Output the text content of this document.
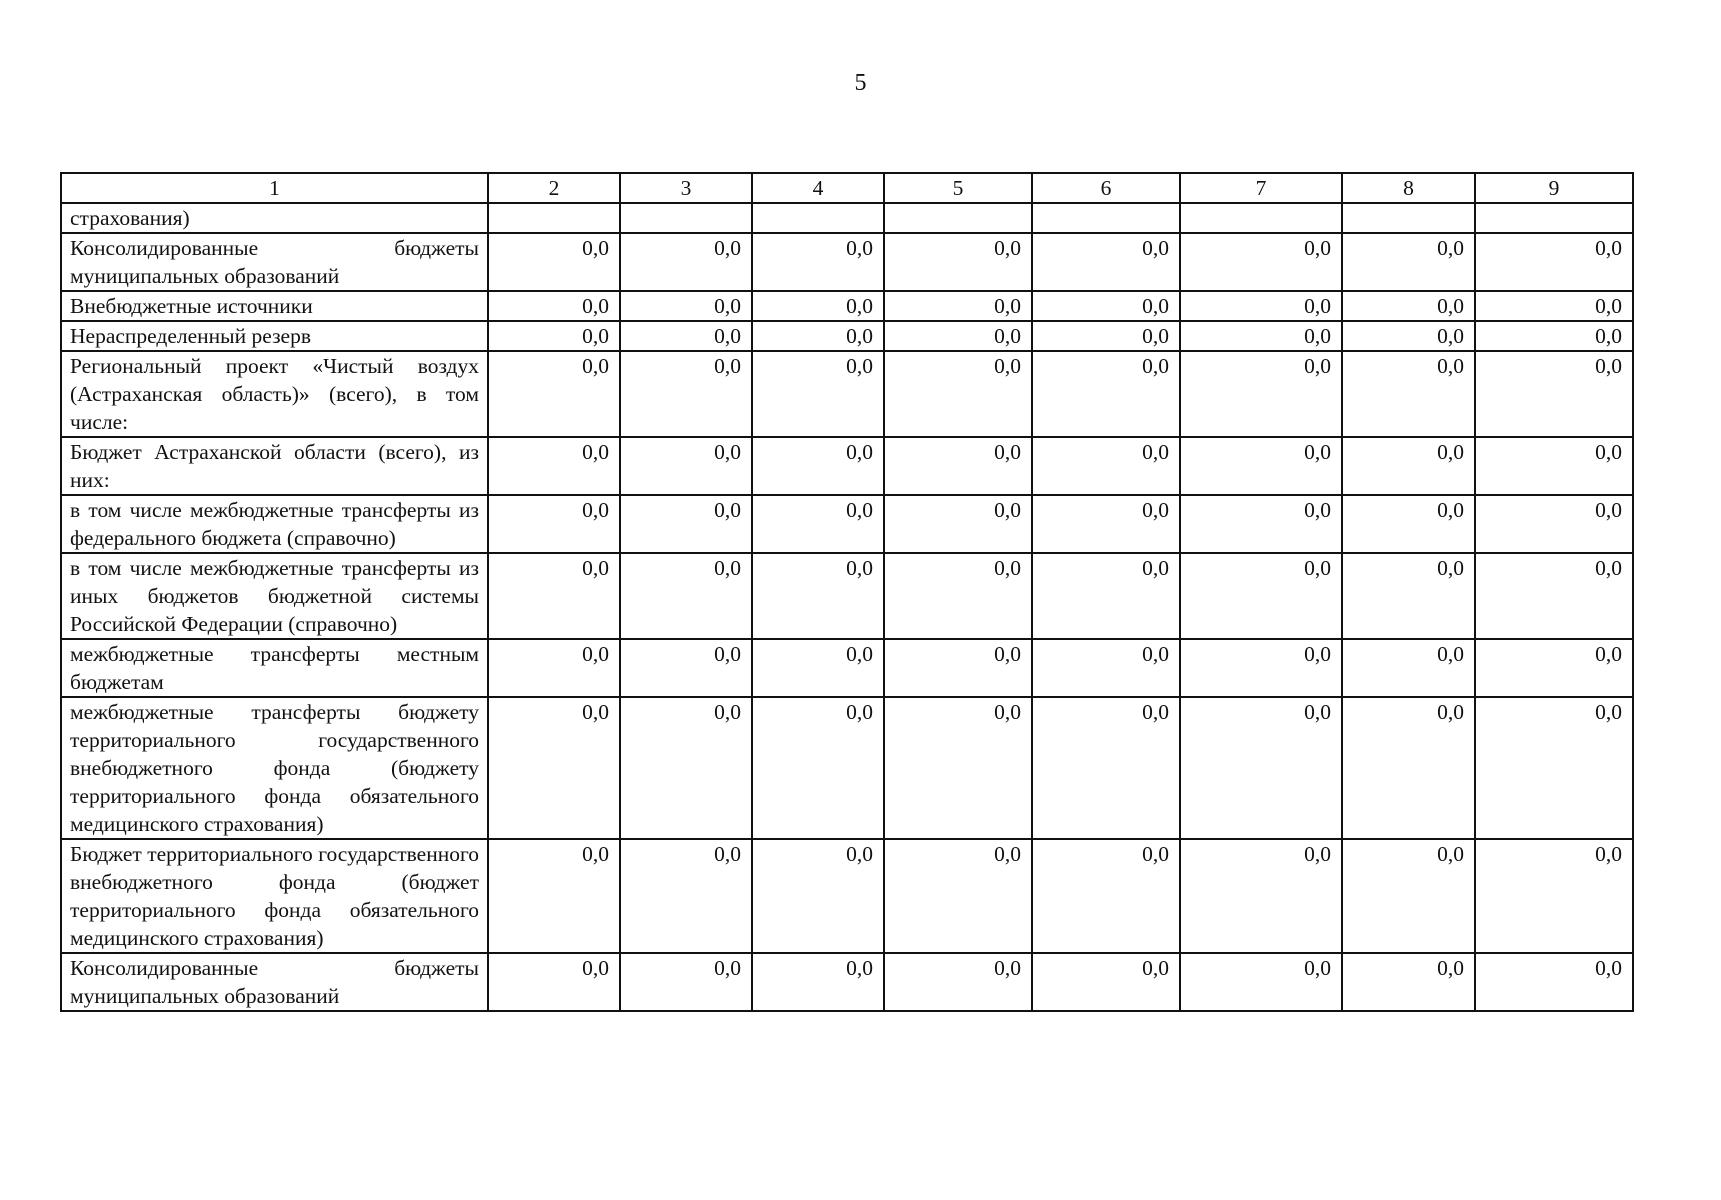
5
1	2	3	4	5	6	7	8	9
страхования)								
Консолидированные бюджеты муниципальных образований	0,0	0,0	0,0	0,0	0,0	0,0	0,0	0,0
Внебюджетные источники	0,0	0,0	0,0	0,0	0,0	0,0	0,0	0,0
Нераспределенный резерв	0,0	0,0	0,0	0,0	0,0	0,0	0,0	0,0
Региональный проект «Чистый воздух (Астраханская область)» (всего), в том числе:	0,0	0,0	0,0	0,0	0,0	0,0	0,0	0,0
Бюджет Астраханской области (всего), из них:	0,0	0,0	0,0	0,0	0,0	0,0	0,0	0,0
в том числе межбюджетные трансферты из федерального бюджета (справочно)	0,0	0,0	0,0	0,0	0,0	0,0	0,0	0,0
в том числе межбюджетные трансферты из иных бюджетов бюджетной системы Российской Федерации (справочно)	0,0	0,0	0,0	0,0	0,0	0,0	0,0	0,0
межбюджетные трансферты местным бюджетам	0,0	0,0	0,0	0,0	0,0	0,0	0,0	0,0
межбюджетные трансферты бюджету территориального государственного внебюджетного фонда (бюджету территориального фонда обязательного медицинского страхования)	0,0	0,0	0,0	0,0	0,0	0,0	0,0	0,0
Бюджет территориального государственного внебюджетного фонда (бюджет территориального фонда обязательного медицинского страхования)	0,0	0,0	0,0	0,0	0,0	0,0	0,0	0,0
Консолидированные бюджеты муниципальных образований	0,0	0,0	0,0	0,0	0,0	0,0	0,0	0,0
